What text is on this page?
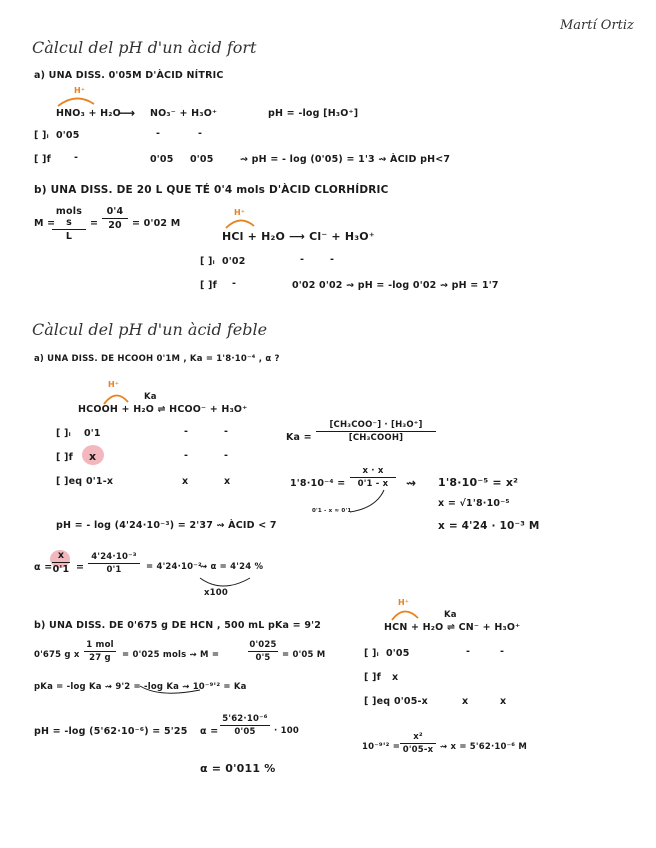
Martí Ortiz
Càlcul del pH d'un àcid fort
a) UNA DISS. 0'05M D'ÀCID NÍTRIC
H⁺
HNO₃ + H₂O
⟶ NO₃⁻ + H₃O⁺	pH = -log [H₃O⁺]
[ ]ᵢ 0'05	-	-
[ ]f -	0'05 0'05	⇝ pH = - log (0'05) = 1'3 ⇝ ÀCID pH<7
b) UNA DISS. DE 20 L QUE TÉ 0'4 mols D'ÀCID CLORHÍDRIC
M =
mols s
L
=
0'4
20	= 0'02 M
H⁺
HCl + H₂O ⟶ Cl⁻ + H₃O⁺
[ ]ᵢ 0'02	-	-
[ ]f -	0'02 0'02 ⇝ pH = -log 0'02 ⇝ pH = 1'7
Càlcul del pH d'un àcid feble
a) UNA DISS. DE HCOOH 0'1M , Ka = 1'8·10⁻⁴ , α ?
H⁺
Ka
HCOOH + H₂O ⇌ HCOO⁻ + H₃O⁺
[ ]ᵢ 0'1	-	-
[ ]f x	-	-
[ ]eq 0'1-x	x	x
Ka =
[CH₃COO⁻] · [H₃O⁺]
[CH₃COOH]
1'8·10⁻⁴ =
x · x
0'1 - x
0'1 - x ≈ 0'1
⇝ 1'8·10⁻⁵ = x²
x = √1'8·10⁻⁵
x = 4'24 · 10⁻³ M
pH = - log (4'24·10⁻³) = 2'37 ⇝ ÀCID < 7
α =
x
0'1 =
4'24·10⁻³
0'1	= 4'24·10⁻²
⇝ α = 4'24 %
x100
b) UNA DISS. DE 0'675 g DE HCN , 500 mL pKa = 9'2
0'675 g x
1 mol
27 g	= 0'025 mols ⇝ M =
0'025
0'5	= 0'05 M
pKa = -log Ka ⇝ 9'2 = -log Ka ⇝ 10⁻⁹'² = Ka
pH = -log (5'62·10⁻⁶) = 5'25 α =
5'62·10⁻⁶
0'05	· 100
α = 0'011 %
H⁺
Ka
HCN + H₂O ⇌ CN⁻ + H₃O⁺
[ ]ᵢ 0'05	-	-
[ ]f x
[ ]eq 0'05-x	x	x
10⁻⁹'² =
x²
0'05-x ⇝ x = 5'62·10⁻⁶ M
